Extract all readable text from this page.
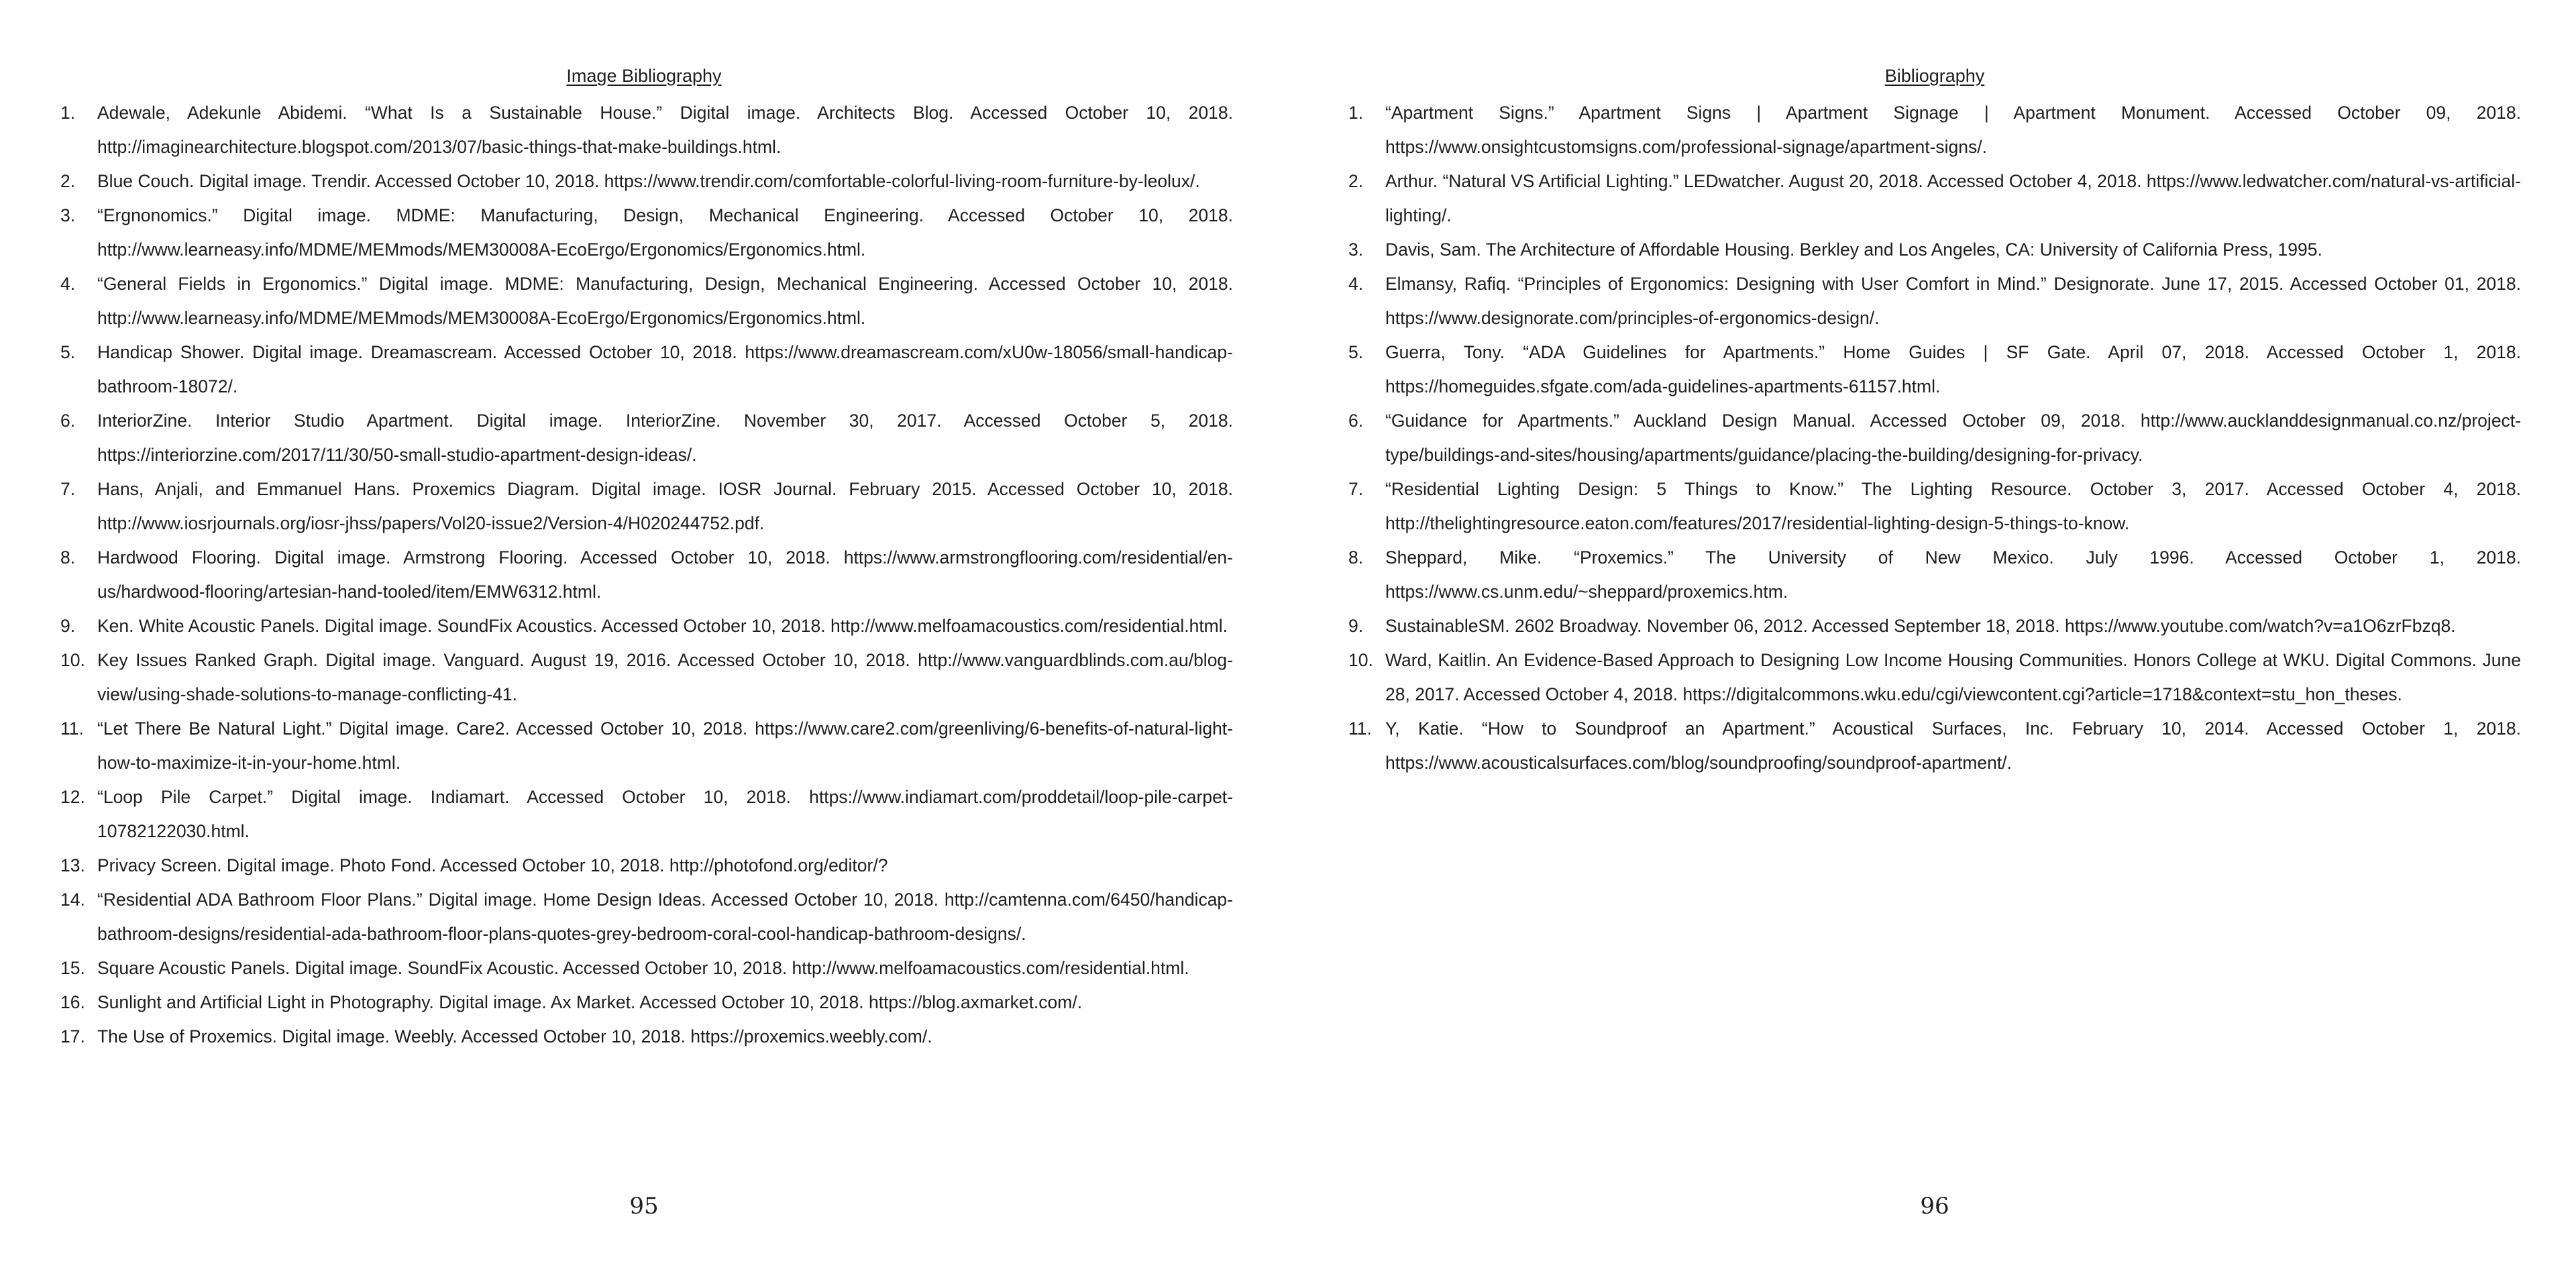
Image Bibliography
1. Adewale, Adekunle Abidemi. “What Is a Sustainable House.” Digital image. Architects Blog. Accessed October 10, 2018. http://imaginearchitecture.blogspot.com/2013/07/basic-things-that-make-buildings.html.
2. Blue Couch. Digital image. Trendir. Accessed October 10, 2018. https://www.trendir.com/comfortable-colorful-living-room-furniture-by-leolux/.
3. “Ergnonomics.” Digital image. MDME: Manufacturing, Design, Mechanical Engineering. Accessed October 10, 2018. http://www.learneasy.info/MDME/MEMmods/MEM30008A-EcoErgo/Ergonomics/Ergonomics.html.
4. “General Fields in Ergonomics.” Digital image. MDME: Manufacturing, Design, Mechanical Engineering. Accessed October 10, 2018. http://www.learneasy.info/MDME/MEMmods/MEM30008A-EcoErgo/Ergonomics/Ergonomics.html.
5. Handicap Shower. Digital image. Dreamascream. Accessed October 10, 2018. https://www.dreamascream.com/xU0w-18056/small-handicap-bathroom-18072/.
6. InteriorZine. Interior Studio Apartment. Digital image. InteriorZine. November 30, 2017. Accessed October 5, 2018. https://interiorzine.com/2017/11/30/50-small-studio-apartment-design-ideas/.
7. Hans, Anjali, and Emmanuel Hans. Proxemics Diagram. Digital image. IOSR Journal. February 2015. Accessed October 10, 2018. http://www.iosrjournals.org/iosr-jhss/papers/Vol20-issue2/Version-4/H020244752.pdf.
8. Hardwood Flooring. Digital image. Armstrong Flooring. Accessed October 10, 2018. https://www.armstrongflooring.com/residential/en-us/hardwood-flooring/artesian-hand-tooled/item/EMW6312.html.
9. Ken. White Acoustic Panels. Digital image. SoundFix Acoustics. Accessed October 10, 2018. http://www.melfoamacoustics.com/residential.html.
10. Key Issues Ranked Graph. Digital image. Vanguard. August 19, 2016. Accessed October 10, 2018. http://www.vanguardblinds.com.au/blog-view/using-shade-solutions-to-manage-conflicting-41.
11. “Let There Be Natural Light.” Digital image. Care2. Accessed October 10, 2018. https://www.care2.com/greenliving/6-benefits-of-natural-light-how-to-maximize-it-in-your-home.html.
12. “Loop Pile Carpet.” Digital image. Indiamart. Accessed October 10, 2018. https://www.indiamart.com/proddetail/loop-pile-carpet-10782122030.html.
13. Privacy Screen. Digital image. Photo Fond. Accessed October 10, 2018. http://photofond.org/editor/?
14. “Residential ADA Bathroom Floor Plans.” Digital image. Home Design Ideas. Accessed October 10, 2018. http://camtenna.com/6450/handicap-bathroom-designs/residential-ada-bathroom-floor-plans-quotes-grey-bedroom-coral-cool-handicap-bathroom-designs/.
15. Square Acoustic Panels. Digital image. SoundFix Acoustic. Accessed October 10, 2018. http://www.melfoamacoustics.com/residential.html.
16. Sunlight and Artificial Light in Photography. Digital image. Ax Market. Accessed October 10, 2018. https://blog.axmarket.com/.
17. The Use of Proxemics. Digital image. Weebly. Accessed October 10, 2018. https://proxemics.weebly.com/.
95
Bibliography
1. “Apartment Signs.” Apartment Signs | Apartment Signage | Apartment Monument. Accessed October 09, 2018. https://www.onsightcustomsigns.com/professional-signage/apartment-signs/.
2. Arthur. “Natural VS Artificial Lighting.” LEDwatcher. August 20, 2018. Accessed October 4, 2018. https://www.ledwatcher.com/natural-vs-artificial-lighting/.
3. Davis, Sam. The Architecture of Affordable Housing. Berkley and Los Angeles, CA: University of California Press, 1995.
4. Elmansy, Rafiq. “Principles of Ergonomics: Designing with User Comfort in Mind.” Designorate. June 17, 2015. Accessed October 01, 2018. https://www.designorate.com/principles-of-ergonomics-design/.
5. Guerra, Tony. “ADA Guidelines for Apartments.” Home Guides | SF Gate. April 07, 2018. Accessed October 1, 2018. https://homeguides.sfgate.com/ada-guidelines-apartments-61157.html.
6. “Guidance for Apartments.” Auckland Design Manual. Accessed October 09, 2018. http://www.aucklanddesignmanual.co.nz/project-type/buildings-and-sites/housing/apartments/guidance/placing-the-building/designing-for-privacy.
7. “Residential Lighting Design: 5 Things to Know.” The Lighting Resource. October 3, 2017. Accessed October 4, 2018. http://thelightingresource.eaton.com/features/2017/residential-lighting-design-5-things-to-know.
8. Sheppard, Mike. “Proxemics.” The University of New Mexico. July 1996. Accessed October 1, 2018. https://www.cs.unm.edu/~sheppard/proxemics.htm.
9. SustainableSM. 2602 Broadway. November 06, 2012. Accessed September 18, 2018. https://www.youtube.com/watch?v=a1O6zrFbzq8.
10. Ward, Kaitlin. An Evidence-Based Approach to Designing Low Income Housing Communities. Honors College at WKU. Digital Commons. June 28, 2017. Accessed October 4, 2018. https://digitalcommons.wku.edu/cgi/viewcontent.cgi?article=1718&context=stu_hon_theses.
11. Y, Katie. “How to Soundproof an Apartment.” Acoustical Surfaces, Inc. February 10, 2014. Accessed October 1, 2018. https://www.acousticalsurfaces.com/blog/soundproofing/soundproof-apartment/.
96
